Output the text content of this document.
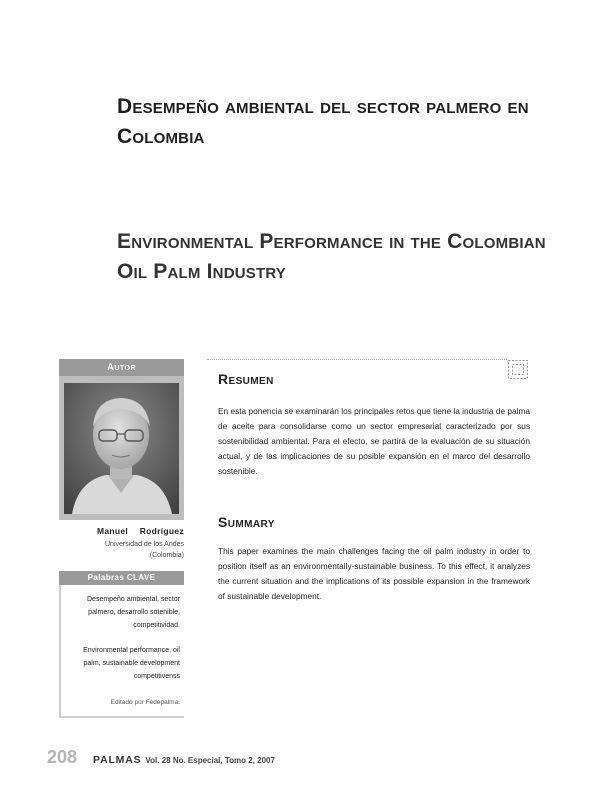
Desempeño ambiental del sector palmero en Colombia
Environmental Performance in the Colombian Oil Palm Industry
Autor
Manuel Rodríguez
Universidad de los Andes
(Colombia)
Palabras CLAVE

Desempeño ambiental, sector palmero, desarrollo sotenible, competitividad.

Environmental performance, oil palm, sustainable development competitivenss

Editado por Fedepalma.
Resumen

En esta ponencia se examinarán los principales retos que tiene la industria de palma de aceite para consolidarse como un sector empresarial caracterizado por sus sostenibilidad ambiental. Para el efecto, se partirá de la evaluación de su situación actual, y de las implicaciones de su posible expansión en el marco del desarrollo sostenible.

Summary

This paper examines the main challenges facing the oil palm industry in order to position itself as an environmentally-sustainable business. To this effect, it analyzes the current situation and the implications of its possible expansion in the framework of sustainable development.

208 PALMAS Vol. 28 No. Especial, Tomo 2, 2007
